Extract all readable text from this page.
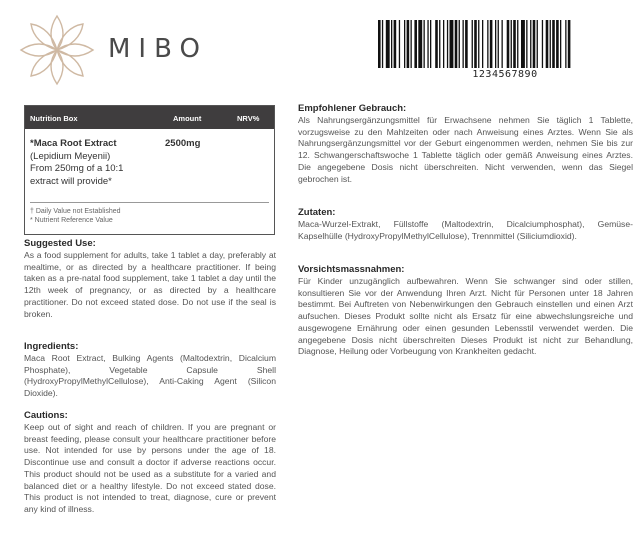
MIBO
1234567890
Nutrition Box	Amount	NRV%
*Maca Root Extract
(Lepidium Meyenii)
From 250mg of a 10:1
extract will provide*
2500mg
† Daily Value not Established
* Nutrient Reference Value
Suggested Use:

As a food supplement for adults, take 1 tablet a day, preferably at mealtime, or as directed by a healthcare practitioner. If being taken as a pre-natal food supplement, take 1 tablet a day until the 12th week of pregnancy, or as directed by a healthcare practitioner. Do not exceed stated dose. Do not use if the seal is broken.

Ingredients:

Maca Root Extract, Bulking Agents (Maltodextrin, Dicalcium Phosphate), Vegetable Capsule Shell (HydroxyPropylMethylCellulose), Anti-Caking Agent (Silicon Dioxide).

Cautions:

Keep out of sight and reach of children. If you are pregnant or breast feeding, please consult your healthcare practitioner before use. Not intended for use by persons under the age of 18. Discontinue use and consult a doctor if adverse reactions occur. This product should not be used as a substitute for a varied and balanced diet or a healthy lifestyle. Do not exceed stated dose. This product is not intended to treat, diagnose, cure or prevent any kind of illness.

Empfohlener Gebrauch:

Als Nahrungsergänzungsmittel für Erwachsene nehmen Sie täglich 1 Tablette, vorzugsweise zu den Mahlzeiten oder nach Anweisung eines Arztes. Wenn Sie als Nahrungsergänzungsmittel vor der Geburt eingenommen werden, nehmen Sie bis zur 12. Schwangerschaftswoche 1 Tablette täglich oder gemäß Anweisung eines Arztes. Die angegebene Dosis nicht überschreiten. Nicht verwenden, wenn das Siegel gebrochen ist.

Zutaten:

Maca-Wurzel-Extrakt, Füllstoffe (Maltodextrin, Dicalciumphosphat), Gemüse-Kapselhülle (HydroxyPropylMethylCellulose), Trennmittel (Siliciumdioxid).

Vorsichtsmassnahmen:

Für Kinder unzugänglich aufbewahren. Wenn Sie schwanger sind oder stillen, konsultieren Sie vor der Anwendung Ihren Arzt. Nicht für Personen unter 18 Jahren bestimmt. Bei Auftreten von Nebenwirkungen den Gebrauch einstellen und einen Arzt aufsuchen. Dieses Produkt sollte nicht als Ersatz für eine abwechslungsreiche und ausgewogene Ernährung oder einen gesunden Lebensstil verwendet werden. Die angegebene Dosis nicht überschreiten Dieses Produkt ist nicht zur Behandlung, Diagnose, Heilung oder Vorbeugung von Krankheiten gedacht.
